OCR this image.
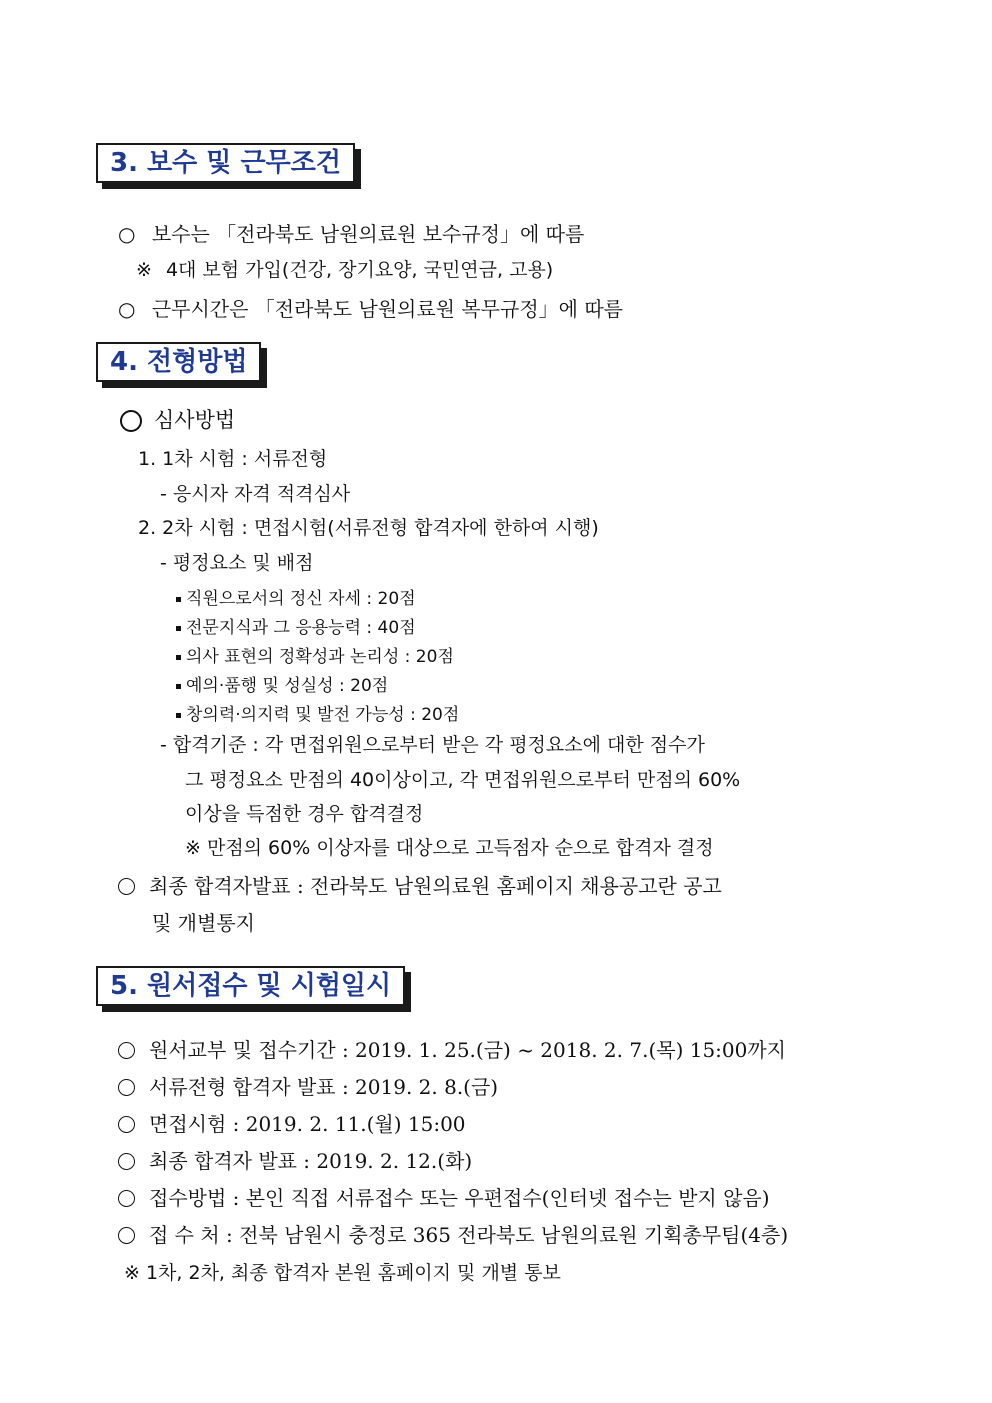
3. 보수 및 근무조건
○ 보수는 「전라북도 남원의료원 보수규정」에 따름
※ 4대 보험 가입(건강, 장기요양, 국민연금, 고용)
○ 근무시간은 「전라북도 남원의료원 복무규정」에 따름
4. 전형방법
심사방법
1. 1차 시험 : 서류전형
- 응시자 자격 적격심사
2. 2차 시험 : 면접시험(서류전형 합격자에 한하여 시행)
- 평정요소 및 배점
직원으로서의 정신 자세 : 20점
전문지식과 그 응용능력 : 40점
의사 표현의 정확성과 논리성 : 20점
예의·품행 및 성실성 : 20점
창의력·의지력 및 발전 가능성 : 20점
- 합격기준 : 각 면접위원으로부터 받은 각 평정요소에 대한 점수가
그 평정요소 만점의 40이상이고, 각 면접위원으로부터 만점의 60%
이상을 득점한 경우 합격결정
※ 만점의 60% 이상자를 대상으로 고득점자 순으로 합격자 결정
최종 합격자발표 : 전라북도 남원의료원 홈페이지 채용공고란 공고
및 개별통지
5. 원서접수 및 시험일시
원서교부 및 접수기간 : 2019. 1. 25.(금) ~ 2018. 2. 7.(목) 15:00까지
서류전형 합격자 발표 : 2019. 2. 8.(금)
면접시험 : 2019. 2. 11.(월) 15:00
최종 합격자 발표 : 2019. 2. 12.(화)
접수방법 : 본인 직접 서류접수 또는 우편접수(인터넷 접수는 받지 않음)
접 수 처 : 전북 남원시 충정로 365 전라북도 남원의료원 기획총무팀(4층)
※ 1차, 2차, 최종 합격자 본원 홈페이지 및 개별 통보
